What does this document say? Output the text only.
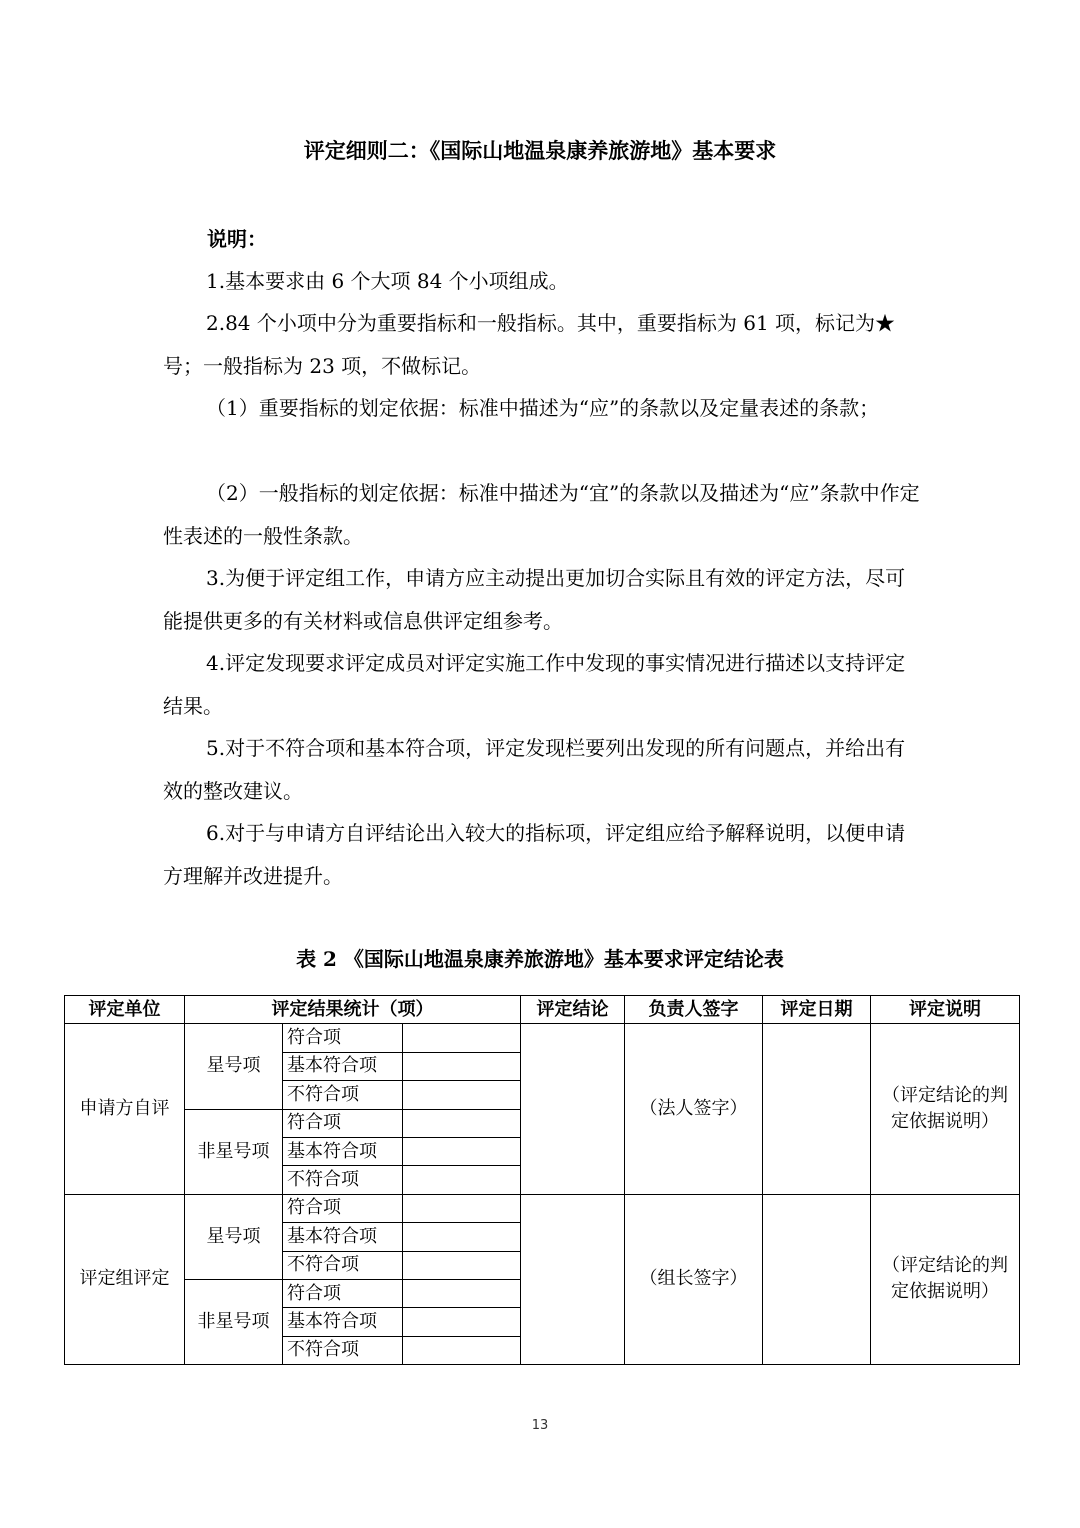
评定细则二：《国际山地温泉康养旅游地》基本要求
说明：

1.基本要求由 6 个大项 84 个小项组成。

2.84 个小项中分为重要指标和一般指标。其中，重要指标为 61 项，标记为★号；一般指标为 23 项，不做标记。

（1）重要指标的划定依据：标准中描述为“应”的条款以及定量表述的条款；

（2）一般指标的划定依据：标准中描述为“宜”的条款以及描述为“应”条款中作定性表述的一般性条款。

3.为便于评定组工作，申请方应主动提出更加切合实际且有效的评定方法，尽可能提供更多的有关材料或信息供评定组参考。

4.评定发现要求评定成员对评定实施工作中发现的事实情况进行描述以支持评定结果。

5.对于不符合项和基本符合项，评定发现栏要列出发现的所有问题点，并给出有效的整改建议。

6.对于与申请方自评结论出入较大的指标项，评定组应给予解释说明，以便申请方理解并改进提升。

表 2 《国际山地温泉康养旅游地》基本要求评定结论表
评定单位	评定结果统计（项）			评定结论	负责人签字	评定日期	评定说明
申请方自评	星号项	符合项			（法人签字）		（评定结论的判定依据说明）
		基本符合项					
		不符合项					
	非星号项	符合项					
		基本符合项					
		不符合项					
评定组评定	星号项	符合项			（组长签字）		（评定结论的判定依据说明）
		基本符合项					
		不符合项					
	非星号项	符合项					
		基本符合项					
		不符合项					
13
